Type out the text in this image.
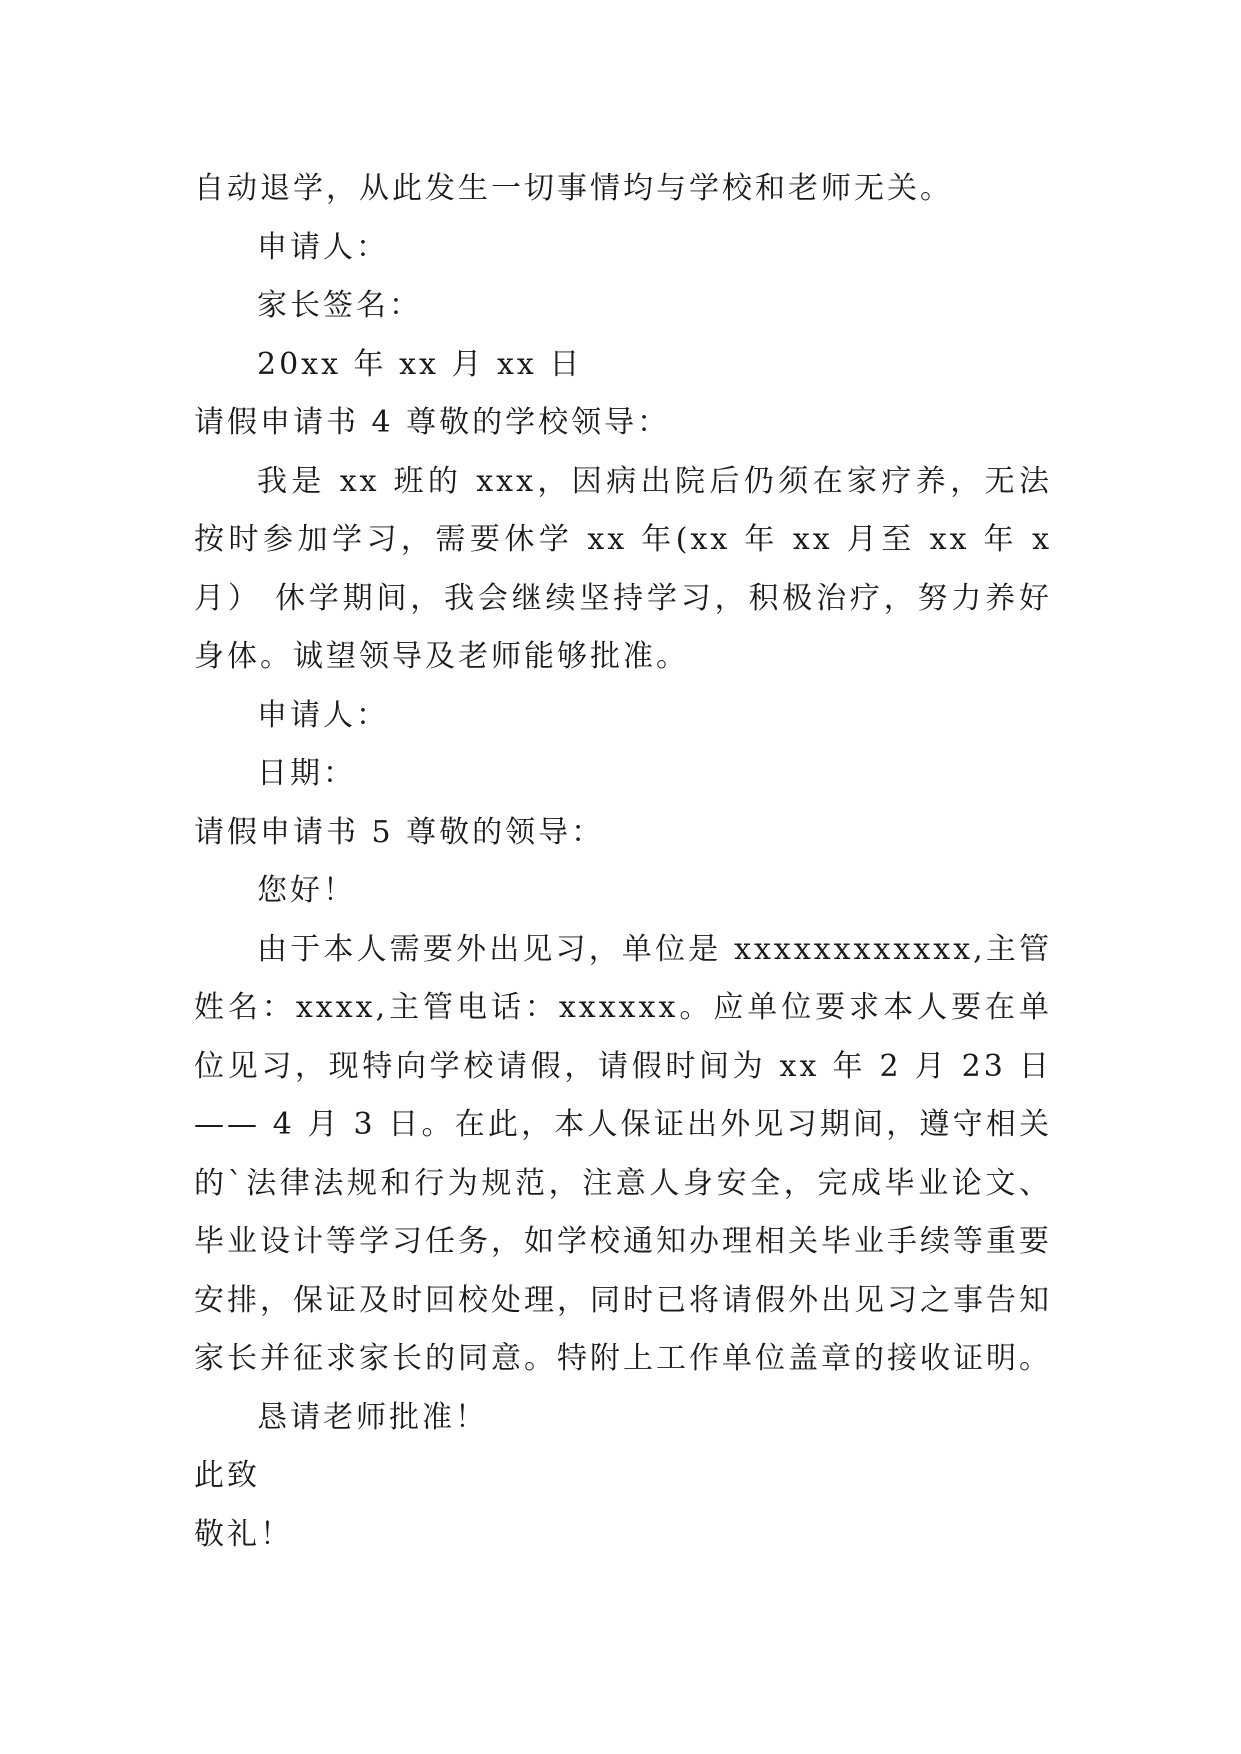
自动退学，从此发生一切事情均与学校和老师无关。
申请人：
家长签名：
20xx 年 xx 月 xx 日
请假申请书 4 尊敬的学校领导：
我是 xx 班的 xxx，因病出院后仍须在家疗养，无法按时参加学习，需要休学 xx 年(xx 年 xx 月至 xx 年 x 月） 休学期间，我会继续坚持学习，积极治疗，努力养好身体。诚望领导及老师能够批准。
申请人：
日期：
请假申请书 5 尊敬的领导：
您好！
由于本人需要外出见习，单位是 xxxxxxxxxxxx,主管姓名：xxxx,主管电话：xxxxxx。应单位要求本人要在单位见习，现特向学校请假，请假时间为 xx 年 2 月 23 日—— 4 月 3 日。在此，本人保证出外见习期间，遵守相关的`法律法规和行为规范，注意人身安全，完成毕业论文、毕业设计等学习任务，如学校通知办理相关毕业手续等重要安排，保证及时回校处理，同时已将请假外出见习之事告知家长并征求家长的同意。特附上工作单位盖章的接收证明。
恳请老师批准！
此致
敬礼！
